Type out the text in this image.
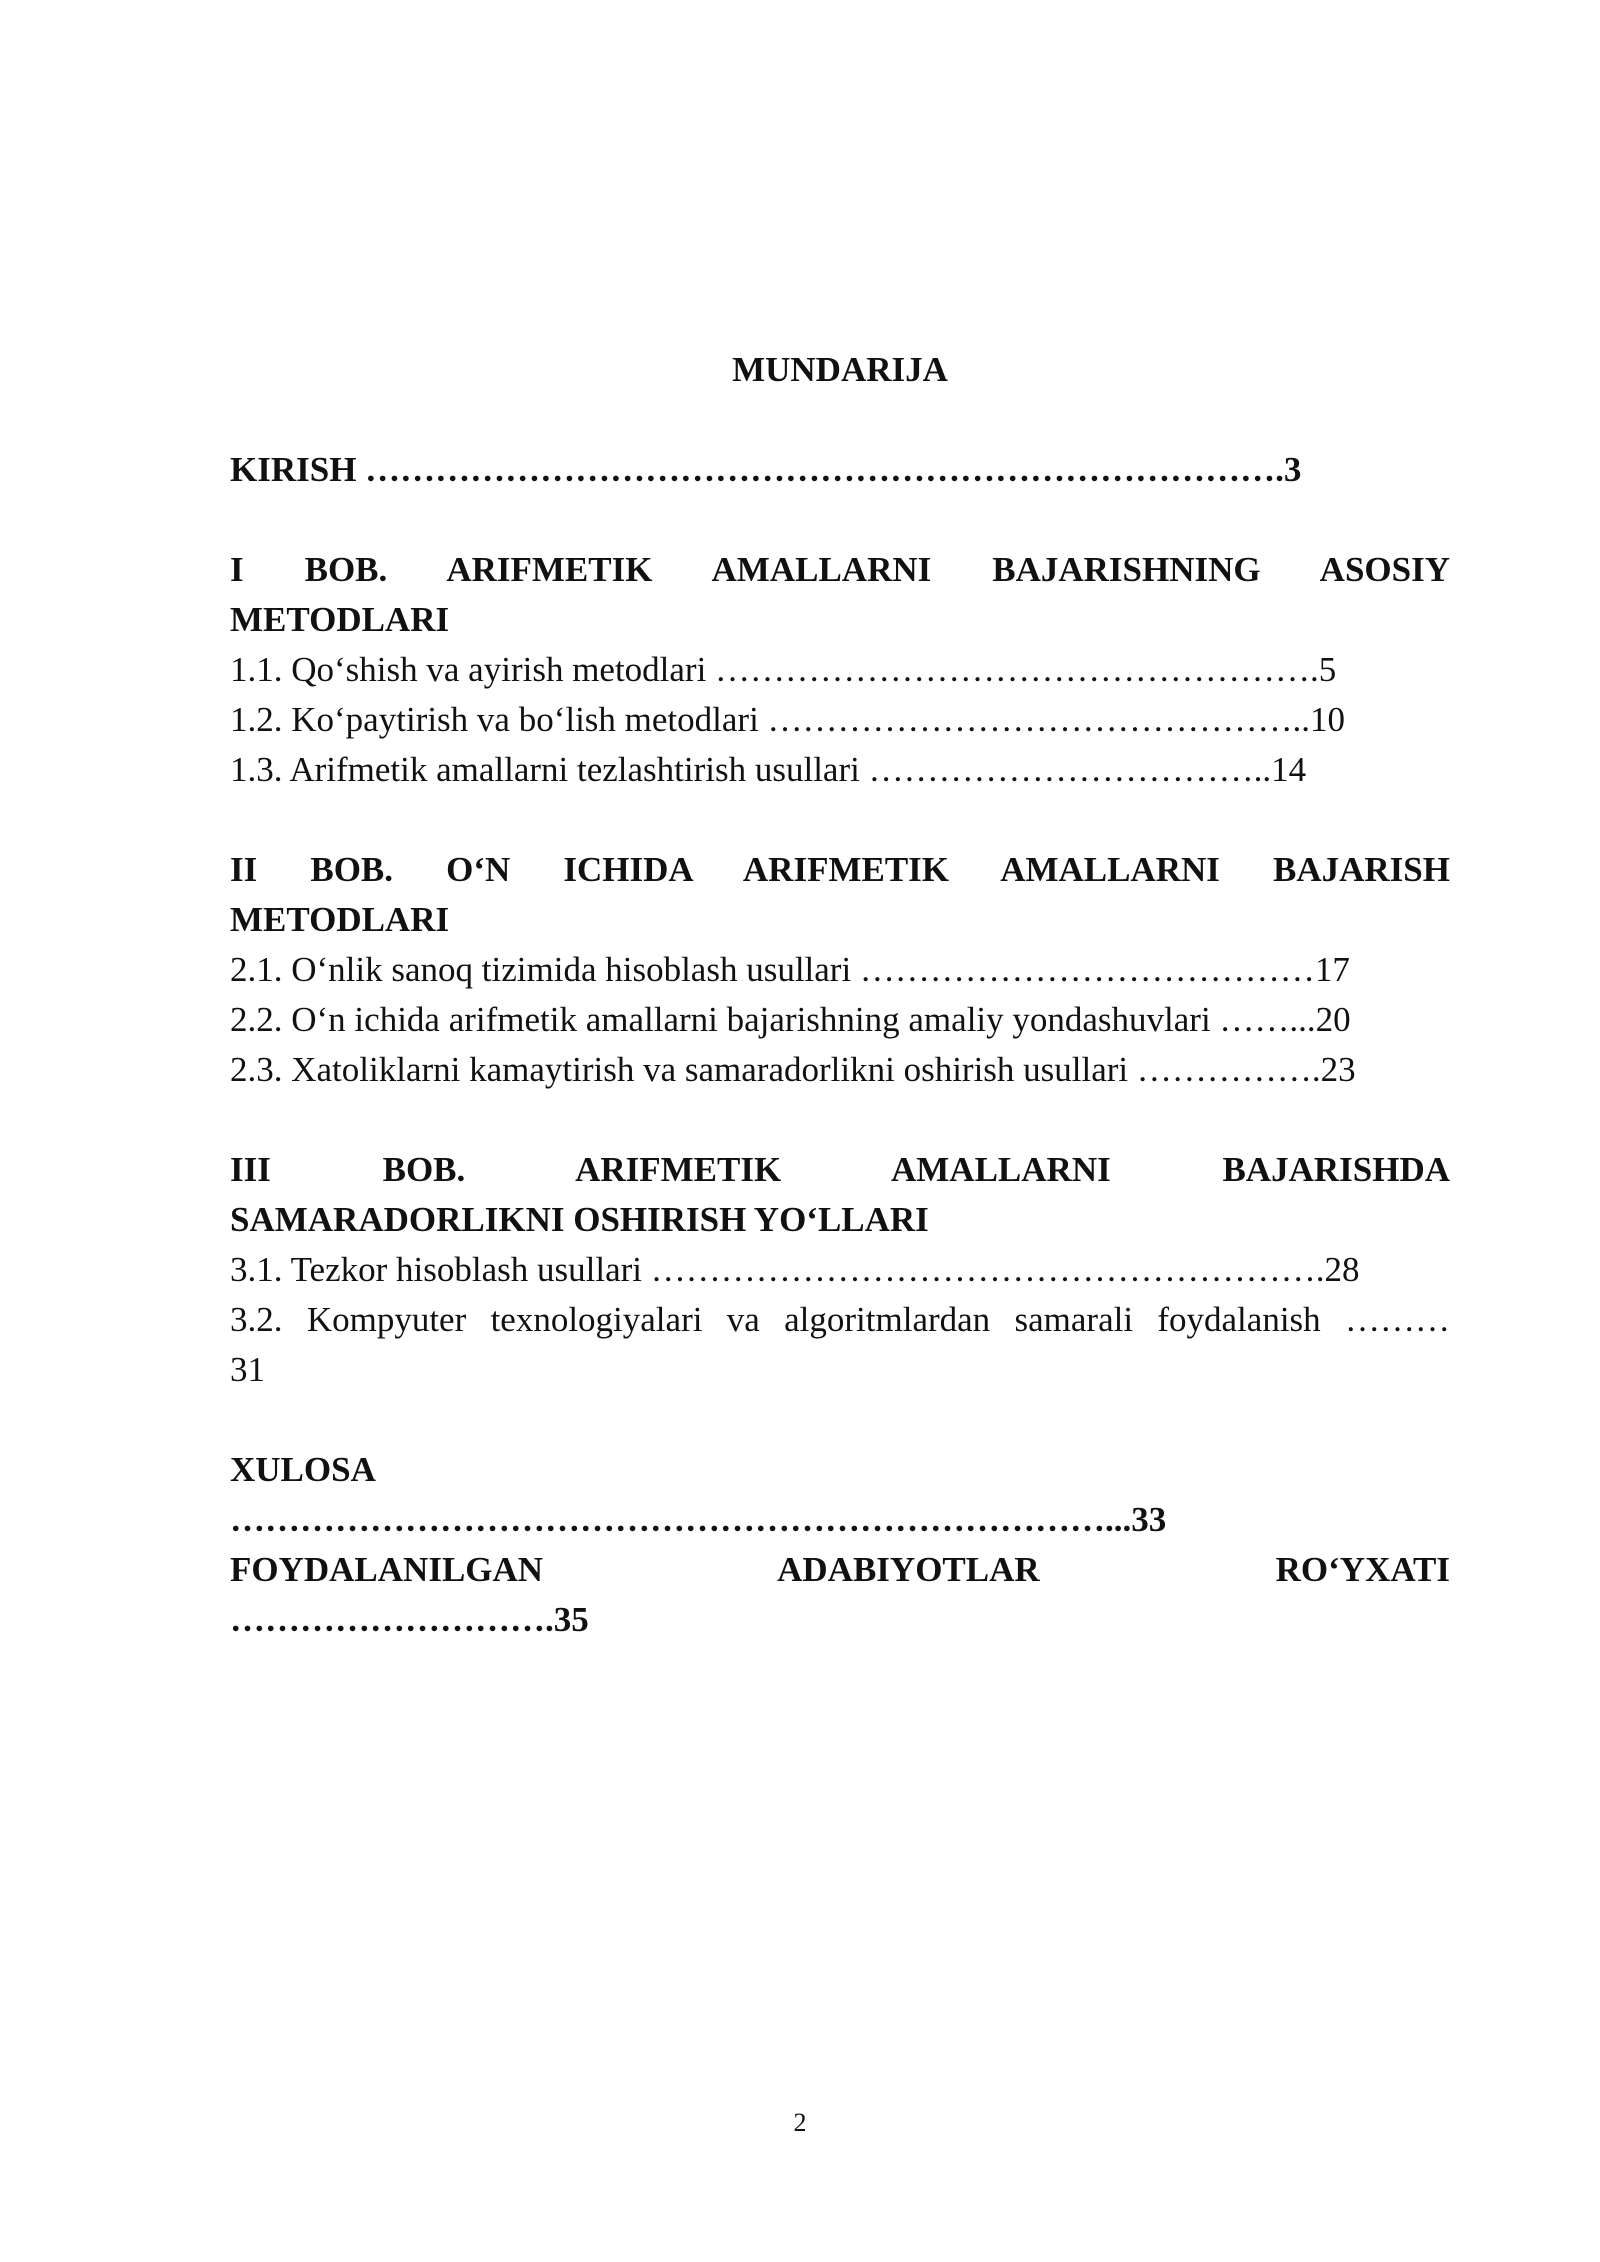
MUNDARIJA

KIRISH …………………………………………………………………….3

I BOB. ARIFMETIK AMALLARNI BAJARISHNING ASOSIY

METODLARI

1.1. Qo‘shish va ayirish metodlari …………………………………………….5

1.2. Ko‘paytirish va bo‘lish metodlari ………………………………………..10

1.3. Arifmetik amallarni tezlashtirish usullari ……………………………..14

II BOB. O‘N ICHIDA ARIFMETIK AMALLARNI BAJARISH

METODLARI

2.1. O‘nlik sanoq tizimida hisoblash usullari …………………………………17

2.2. O‘n ichida arifmetik amallarni bajarishning amaliy yondashuvlari ……...20

2.3. Xatoliklarni kamaytirish va samaradorlikni oshirish usullari …………….23

III BOB. ARIFMETIK AMALLARNI BAJARISHDA

SAMARADORLIKNI OSHIRISH YO‘LLARI

3.1. Tezkor hisoblash usullari ………………………………………………….28

3.2. Kompyuter texnologiyalari va algoritmlardan samarali foydalanish ………

31

XULOSA

…………………………………………………………………...33

FOYDALANILGAN ADABIYOTLAR RO‘YXATI

……………………….35

2
